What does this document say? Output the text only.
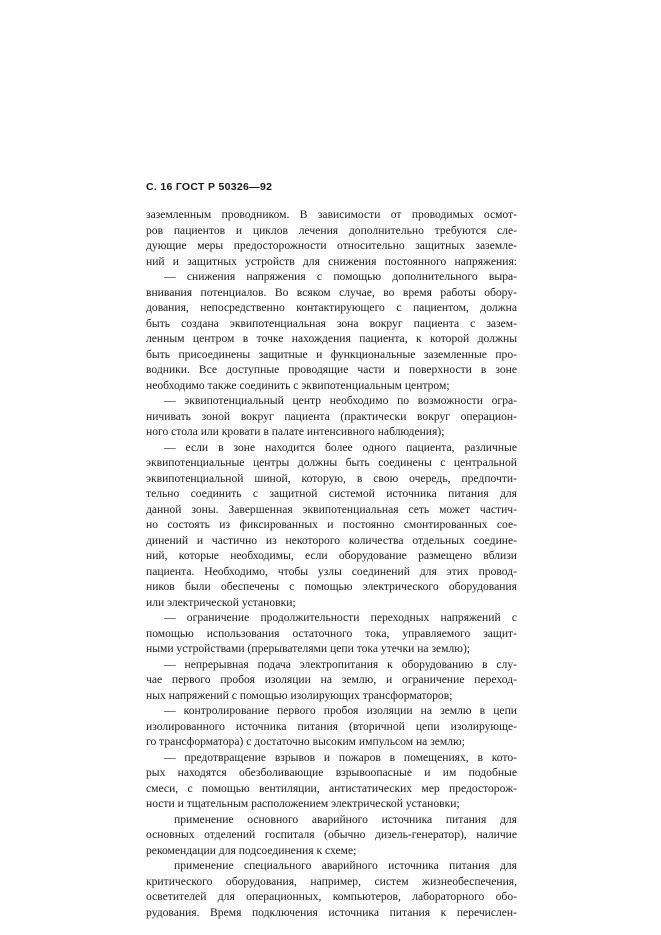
С. 16 ГОСТ Р 50326—92
заземленным проводником. В зависимости от проводимых осмот-
ров пациентов и циклов лечения дополнительно требуются сле-
дующие меры предосторожности относительно защитных заземле-
ний и защитных устройств для снижения постоянного напряжения:
— снижения напряжения с помощью дополнительного выра-
внивания потенциалов. Во всяком случае, во время работы обору-
дования, непосредственно контактирующего с пациентом, должна
быть создана эквипотенциальная зона вокруг пациента с зазем-
ленным центром в точке нахождения пациента, к которой должны
быть присоединены защитные и функциональные заземленные про-
водники. Все доступные проводящие части и поверхности в зоне
необходимо также соединить с эквипотенциальным центром;
— эквипотенциальный центр необходимо по возможности огра-
ничивать зоной вокруг пациента (практически вокруг операцион-
ного стола или кровати в палате интенсивного наблюдения);
— если в зоне находится более одного пациента, различные
эквипотенциальные центры должны быть соединены с центральной
эквипотенциальной шиной, которую, в свою очередь, предпочти-
тельно соединить с защитной системой источника питания для
данной зоны. Завершенная эквипотенциальная сеть может частич-
но состоять из фиксированных и постоянно смонтированных сое-
динений и частично из некоторого количества отдельных соедине-
ний, которые необходимы, если оборудование размещено вблизи
пациента. Необходимо, чтобы узлы соединений для этих провод-
ников были обеспечены с помощью электрического оборудования
или электрической установки;
— ограничение продолжительности переходных напряжений с
помощью использования остаточного тока, управляемого защит-
ными устройствами (прерывателями цепи тока утечки на землю);
— непрерывная подача электропитания к оборудованию в слу-
чае первого пробоя изоляции на землю, и ограничение переход-
ных напряжений с помощью изолирующих трансформаторов;
— контролирование первого пробоя изоляции на землю в цепи
изолированного источника питания (вторичной цепи изолирующе-
го трансформатора) с достаточно высоким импульсом на землю;
— предотвращение взрывов и пожаров в помещениях, в кото-
рых находятся обезболивающие взрывоопасные и им подобные
смеси, с помощью вентиляции, антистатических мер предосторож-
ности и тщательным расположением электрической установки;
применение основного аварийного источника питания для
основных отделений госпиталя (обычно дизель-генератор), наличие
рекомендации для подсоединения к схеме;
применение специального аварийного источника питания для
критического оборудования, например, систем жизнеобеспечения,
осветителей для операционных, компьютеров, лабораторного обо-
рудования. Время подключения источника питания к перечислен-
